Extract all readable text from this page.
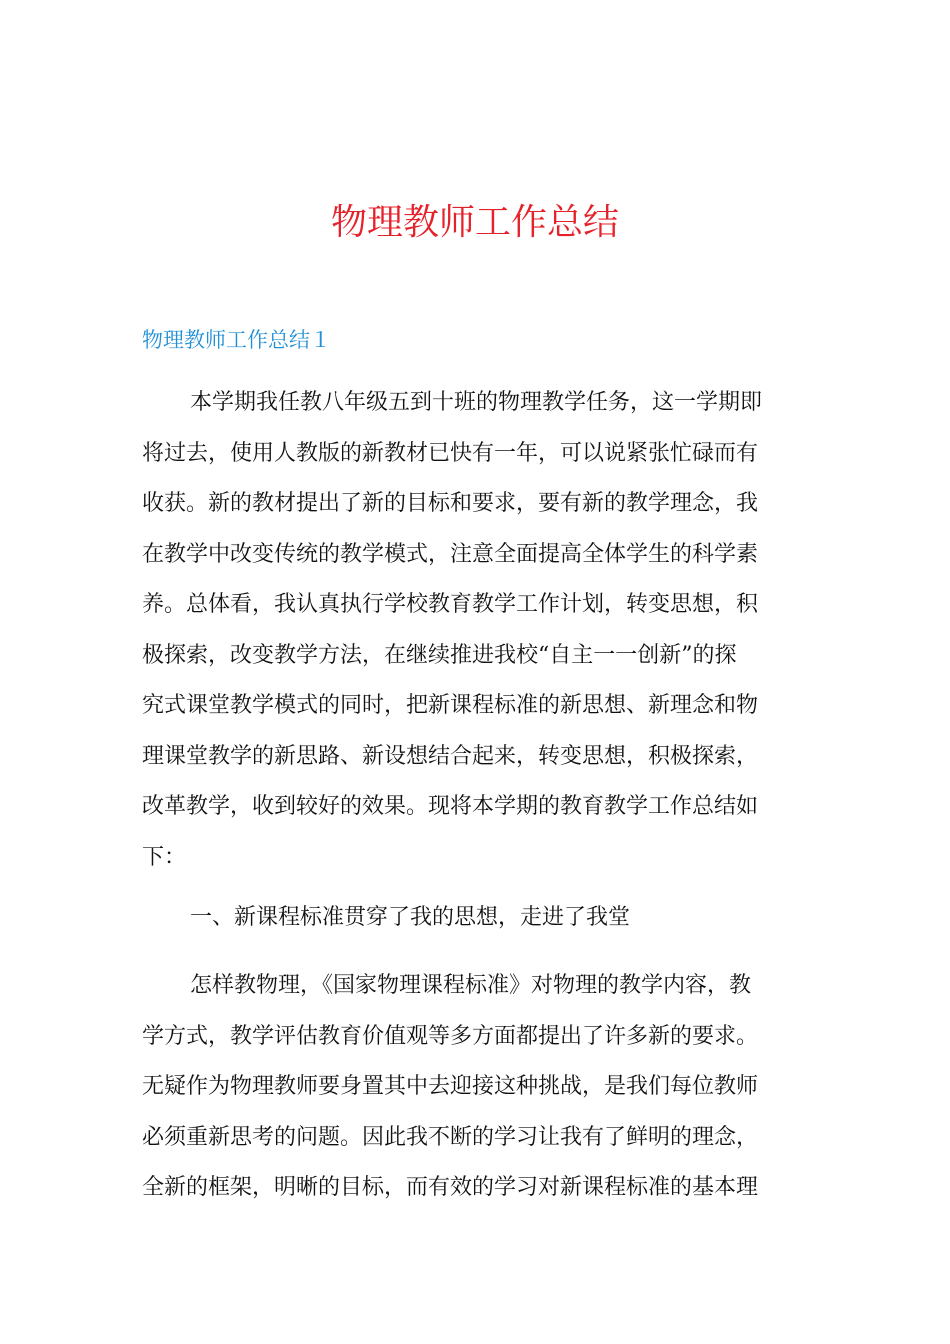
物理教师工作总结
物理教师工作总结１
本学期我任教八年级五到十班的物理教学任务，这一学期即
将过去，使用人教版的新教材已快有一年，可以说紧张忙碌而有
收获。新的教材提出了新的目标和要求，要有新的教学理念，我
在教学中改变传统的教学模式，注意全面提高全体学生的科学素
养。总体看，我认真执行学校教育教学工作计划，转变思想，积
极探索，改变教学方法，在继续推进我校“自主一一创新”的探
究式课堂教学模式的同时，把新课程标准的新思想、新理念和物
理课堂教学的新思路、新设想结合起来，转变思想，积极探索，
改革教学，收到较好的效果。现将本学期的教育教学工作总结如
下：
一、新课程标准贯穿了我的思想，走进了我堂
怎样教物理，《国家物理课程标准》对物理的教学内容，教
学方式，教学评估教育价值观等多方面都提出了许多新的要求。
无疑作为物理教师要身置其中去迎接这种挑战，是我们每位教师
必须重新思考的问题。因此我不断的学习让我有了鲜明的理念，
全新的框架，明晰的目标，而有效的学习对新课程标准的基本理
